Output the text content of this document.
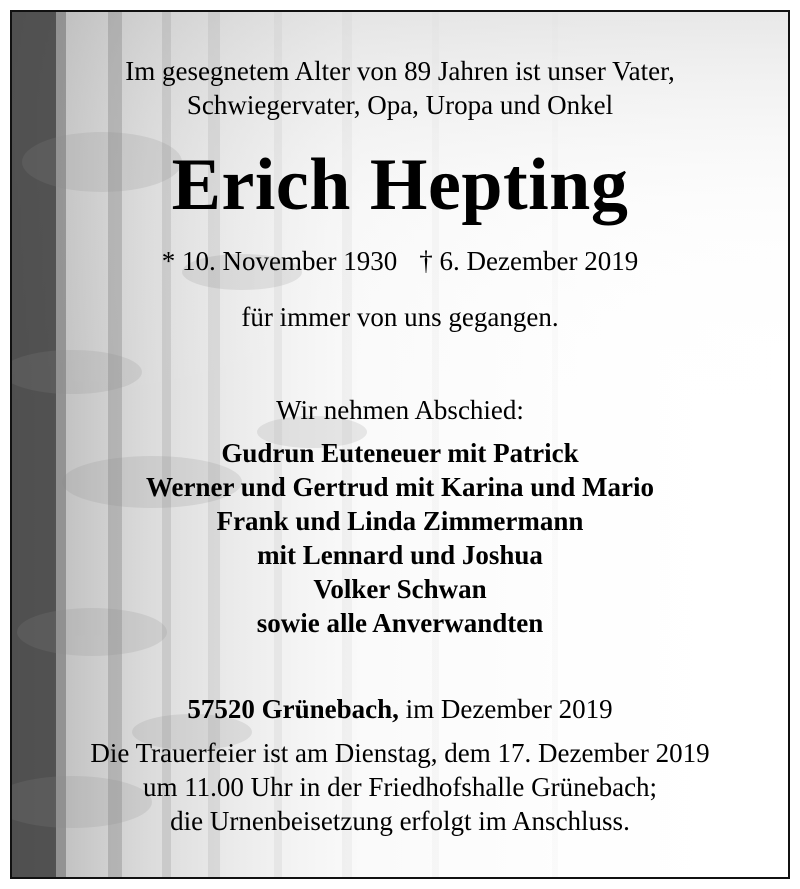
Im gesegnetem Alter von 89 Jahren ist unser Vater,
Schwiegervater, Opa, Uropa und Onkel
Erich Hepting
* 10. November 1930 † 6. Dezember 2019
für immer von uns gegangen.
Wir nehmen Abschied:
Gudrun Euteneuer mit Patrick
Werner und Gertrud mit Karina und Mario
Frank und Linda Zimmermann
mit Lennard und Joshua
Volker Schwan
sowie alle Anverwandten
57520 Grünebach, im Dezember 2019
Die Trauerfeier ist am Dienstag, dem 17. Dezember 2019
um 11.00 Uhr in der Friedhofshalle Grünebach;
die Urnenbeisetzung erfolgt im Anschluss.
